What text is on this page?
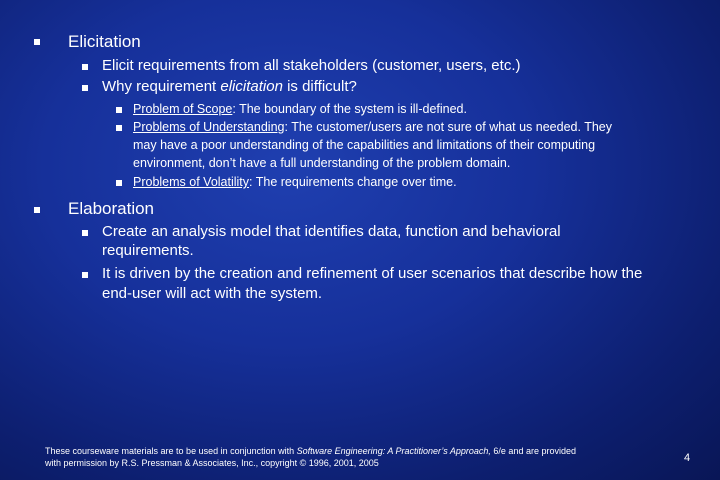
Elicitation
Elicit requirements from all stakeholders (customer, users, etc.)
Why requirement elicitation is difficult?
Problem of Scope: The boundary of the system is ill-defined.
Problems of Understanding: The customer/users are not sure of what us needed. They
may have a poor understanding of the capabilities and limitations of their computing
environment, don’t have a full understanding of the problem domain.
Problems of Volatility: The requirements change over time.
Elaboration
Create an analysis model that identifies data, function and behavioral
requirements.
It is driven by the creation and refinement of user scenarios that describe how the
end-user will act with the system.
These courseware materials are to be used in conjunction with Software Engineering: A Practitioner’s Approach, 6/e and are provided
with permission by R.S. Pressman & Associates, Inc., copyright © 1996, 2001, 2005	4
